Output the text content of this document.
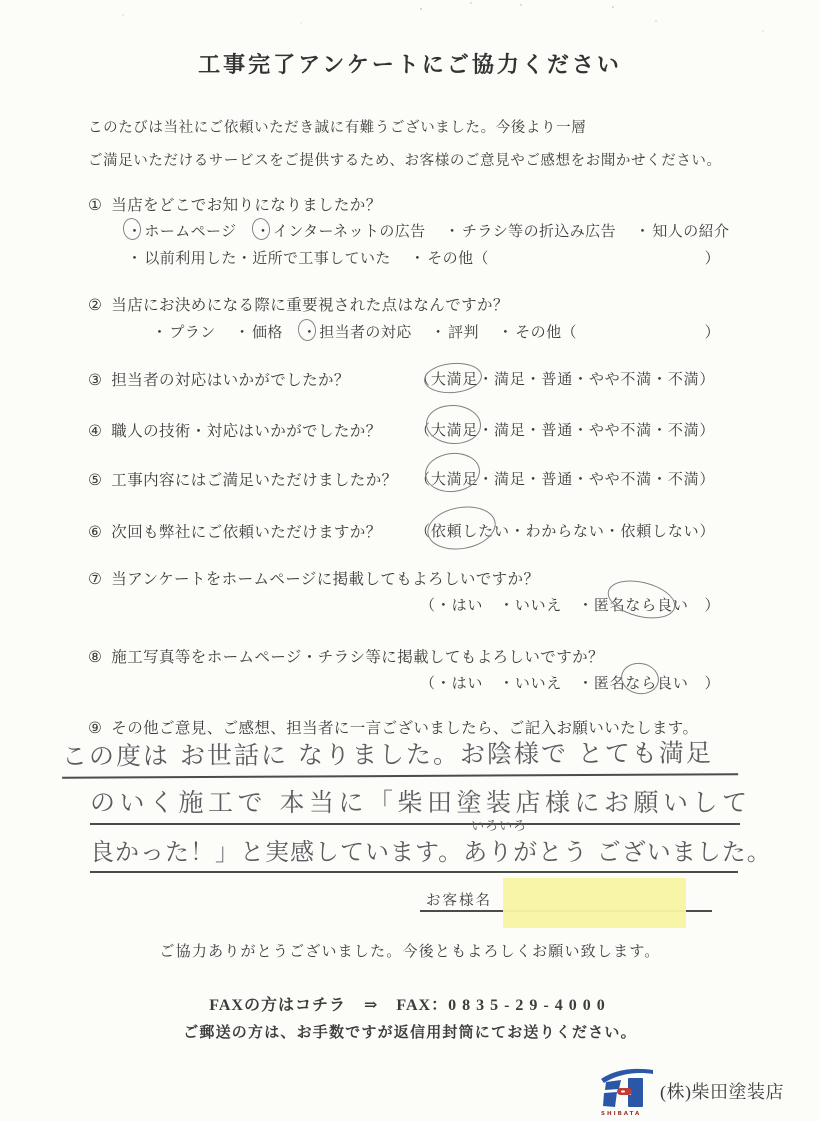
工事完了アンケートにご協力ください

このたびは当社にご依頼いただき誠に有難うございました。今後より一層
ご満足いただけるサービスをご提供するため、お客様のご意見やご感想をお聞かせください。

① 当店をどこでお知りになりましたか？
・ ホームページ ・ インターネットの広告 ・ チラシ等の折込み広告 ・ 知人の紹介
・ 以前利用した・近所で工事していた ・ その他（	）
② 当店にお決めになる際に重要視された点はなんですか？
・ プラン ・ 価格 ・ 担当者の対応 ・ 評判 ・ その他（	）
③ 担当者の対応はいかがでしたか？	（大満足・満足・普通・やや不満・不満）
④ 職人の技術・対応はいかがでしたか？ （大満足・満足・普通・やや不満・不満）
⑤ 工事内容にはご満足いただけましたか？ （大満足・満足・普通・やや不満・不満）
⑥ 次回も弊社にご依頼いただけますか？ （依頼したい・わからない・依頼しない）
⑦ 当アンケートをホームページに掲載してもよろしいですか？
（・はい　・いいえ　・匿名なら良い　）
⑧ 施工写真等をホームページ・チラシ等に掲載してもよろしいですか？
（・はい　・いいえ　・匿名なら良い　）
⑨ その他ご意見、ご感想、担当者に一言ございましたら、ご記入お願いいたします。
この度は お世話に なりました。お陰様で とても満足
のいく施工で 本当に「柴田塗装店様にお願いして
良かった！」と実感しています。
いろいろ
ありがとう ございました。
お客様名
ご協力ありがとうございました。今後ともよろしくお願い致します。
FAXの方はコチラ ⇒ FAX：0835-29-4000
ご郵送の方は、お手数ですが返信用封筒にてお送りください。
SHIBATA
(株)柴田塗装店
